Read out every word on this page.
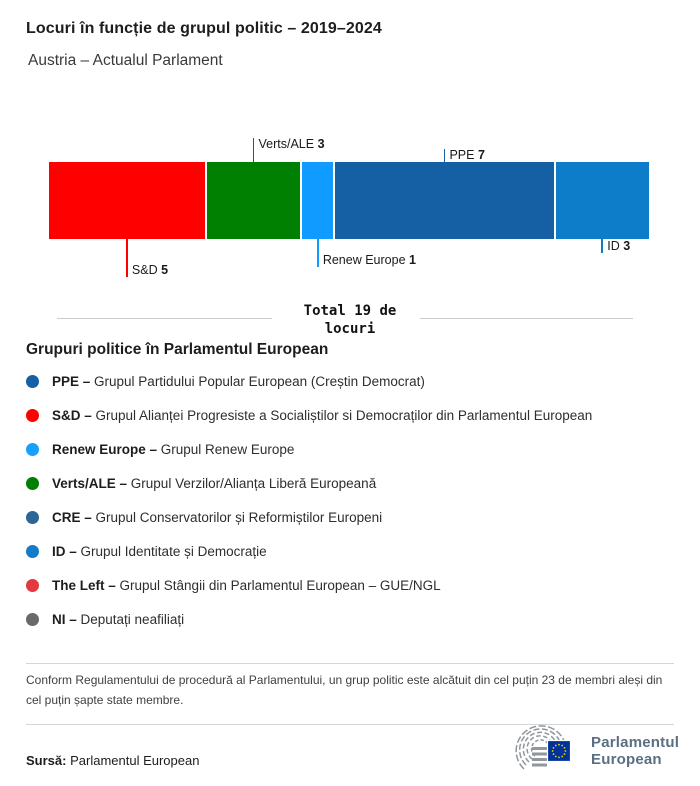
Locuri în funcție de grupul politic – 2019–2024
Austria – Actualul Parlament
S&D 5
Verts/ALE 3
Renew Europe 1
PPE 7
ID 3
Total 19 de
locuri
Grupuri politice în Parlamentul European
PPE – Grupul Partidului Popular European (Creștin Democrat)
S&D – Grupul Alianței Progresiste a Socialiștilor si Democraților din Parlamentul European
Renew Europe – Grupul Renew Europe
Verts/ALE – Grupul Verzilor/Alianța Liberă Europeană
CRE – Grupul Conservatorilor și Reformiștilor Europeni
ID – Grupul Identitate și Democrație
The Left – Grupul Stângii din Parlamentul European – GUE/NGL
NI – Deputați neafiliați
Conform Regulamentului de procedură al Parlamentului, un grup politic este alcătuit din cel puțin 23 de membri aleși din cel puțin șapte state membre.
Sursă: Parlamentul European
Parlamentul
European
